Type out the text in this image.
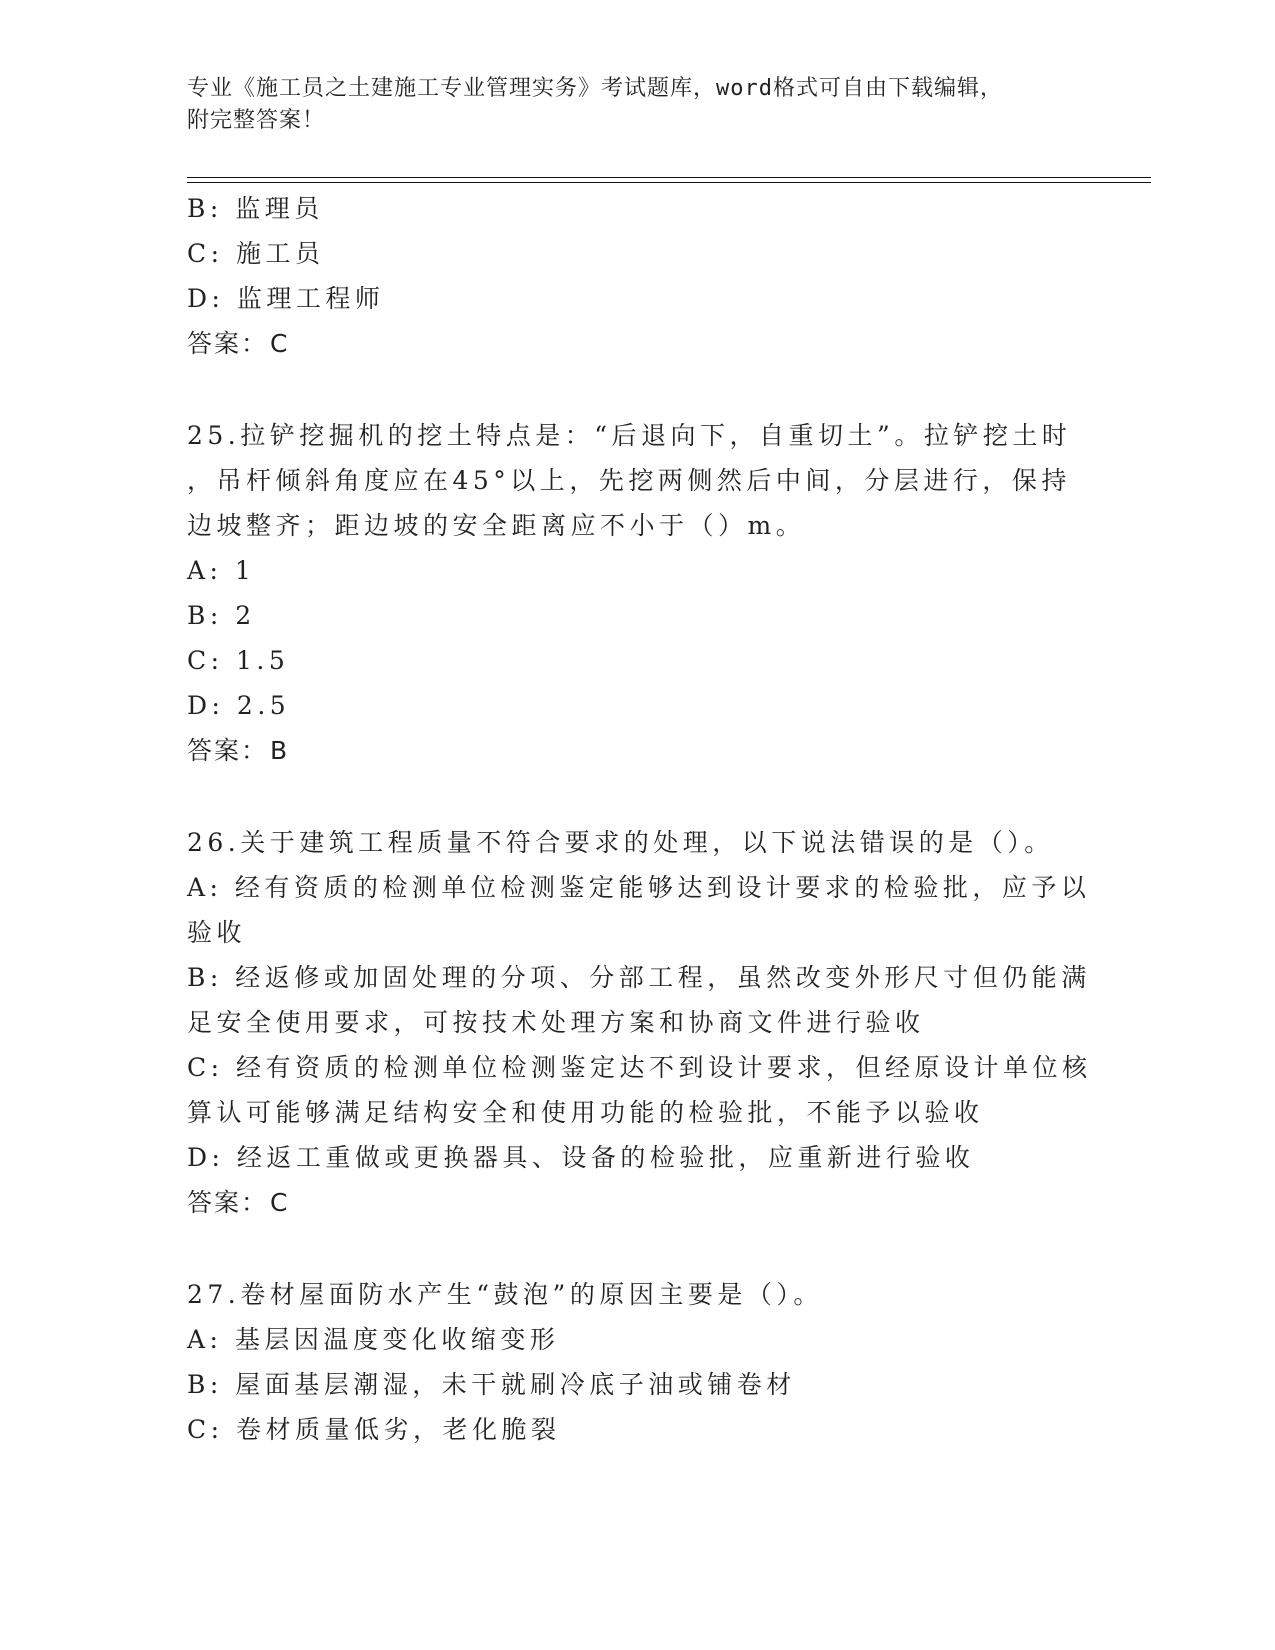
专业《施工员之土建施工专业管理实务》考试题库，word格式可自由下载编辑，
附完整答案！

B: 监理员

C: 施工员

D: 监理工程师

答案：C

25.拉铲挖掘机的挖土特点是：“后退向下，自重切土”。拉铲挖土时

，吊杆倾斜角度应在45°以上，先挖两侧然后中间，分层进行，保持

边坡整齐；距边坡的安全距离应不小于（）m。

A: 1

B: 2

C: 1.5

D: 2.5

答案：B

26.关于建筑工程质量不符合要求的处理，以下说法错误的是（）。

A: 经有资质的检测单位检测鉴定能够达到设计要求的检验批，应予以

验收

B: 经返修或加固处理的分项、分部工程，虽然改变外形尺寸但仍能满

足安全使用要求，可按技术处理方案和协商文件进行验收

C: 经有资质的检测单位检测鉴定达不到设计要求，但经原设计单位核

算认可能够满足结构安全和使用功能的检验批，不能予以验收

D: 经返工重做或更换器具、设备的检验批，应重新进行验收

答案：C

27.卷材屋面防水产生“鼓泡”的原因主要是（）。

A: 基层因温度变化收缩变形

B: 屋面基层潮湿，未干就刷冷底子油或铺卷材

C: 卷材质量低劣，老化脆裂
